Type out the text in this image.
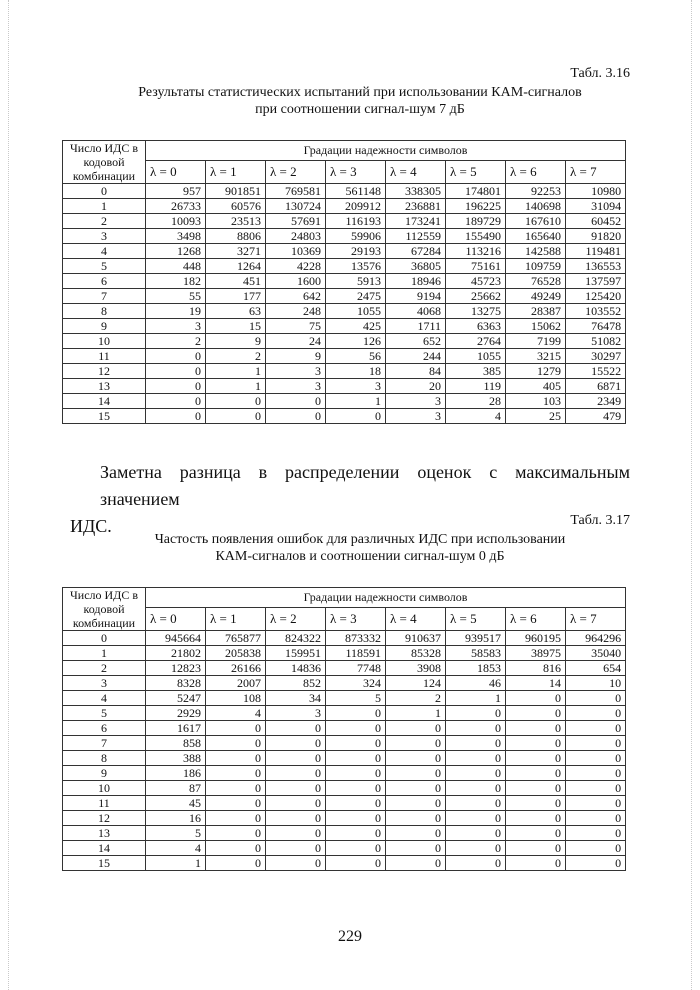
Табл. 3.16
Результаты статистических испытаний при использовании КАМ-сигналов
при соотношении сигнал-шум 7 дБ
Число ИДС в кодовой комбинации	Градации надежности символов							
	λ = 0	λ = 1	λ = 2	λ = 3	λ = 4	λ = 5	λ = 6	λ = 7
0	957	901851	769581	561148	338305	174801	92253	10980
1	26733	60576	130724	209912	236881	196225	140698	31094
2	10093	23513	57691	116193	173241	189729	167610	60452
3	3498	8806	24803	59906	112559	155490	165640	91820
4	1268	3271	10369	29193	67284	113216	142588	119481
5	448	1264	4228	13576	36805	75161	109759	136553
6	182	451	1600	5913	18946	45723	76528	137597
7	55	177	642	2475	9194	25662	49249	125420
8	19	63	248	1055	4068	13275	28387	103552
9	3	15	75	425	1711	6363	15062	76478
10	2	9	24	126	652	2764	7199	51082
11	0	2	9	56	244	1055	3215	30297
12	0	1	3	18	84	385	1279	15522
13	0	1	3	3	20	119	405	6871
14	0	0	0	1	3	28	103	2349
15	0	0	0	0	3	4	25	479
Заметна разница в распределении оценок с максимальным значением
ИДС.	Табл. 3.17
Частость появления ошибок для различных ИДС при использовании
КАМ-сигналов и соотношении сигнал-шум 0 дБ
Число ИДС в кодовой комбинации	Градации надежности символов							
	λ = 0	λ = 1	λ = 2	λ = 3	λ = 4	λ = 5	λ = 6	λ = 7
0	945664	765877	824322	873332	910637	939517	960195	964296
1	21802	205838	159951	118591	85328	58583	38975	35040
2	12823	26166	14836	7748	3908	1853	816	654
3	8328	2007	852	324	124	46	14	10
4	5247	108	34	5	2	1	0	0
5	2929	4	3	0	1	0	0	0
6	1617	0	0	0	0	0	0	0
7	858	0	0	0	0	0	0	0
8	388	0	0	0	0	0	0	0
9	186	0	0	0	0	0	0	0
10	87	0	0	0	0	0	0	0
11	45	0	0	0	0	0	0	0
12	16	0	0	0	0	0	0	0
13	5	0	0	0	0	0	0	0
14	4	0	0	0	0	0	0	0
15	1	0	0	0	0	0	0	0
229
